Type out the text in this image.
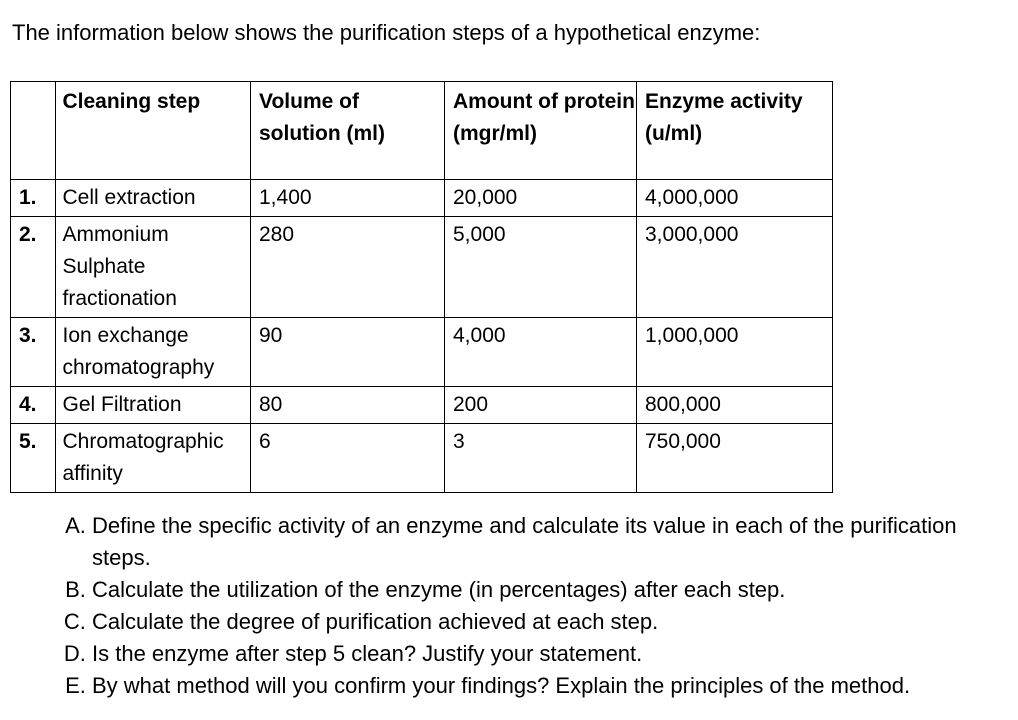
The information below shows the purification steps of a hypothetical enzyme:
	Cleaning step	Volume of solution (ml)	Amount of protein (mgr/ml)	Enzyme activity (u/ml)
1.	Cell extraction	1,400	20,000	4,000,000
2.	Ammonium Sulphate fractionation	280	5,000	3,000,000
3.	Ion exchange chromatography	90	4,000	1,000,000
4.	Gel Filtration	80	200	800,000
5.	Chromatographic affinity	6	3	750,000
A. Define the specific activity of an enzyme and calculate its value in each of the purification steps.
B. Calculate the utilization of the enzyme (in percentages) after each step.
C. Calculate the degree of purification achieved at each step.
D. Is the enzyme after step 5 clean? Justify your statement.
E. By what method will you confirm your findings? Explain the principles of the method.
